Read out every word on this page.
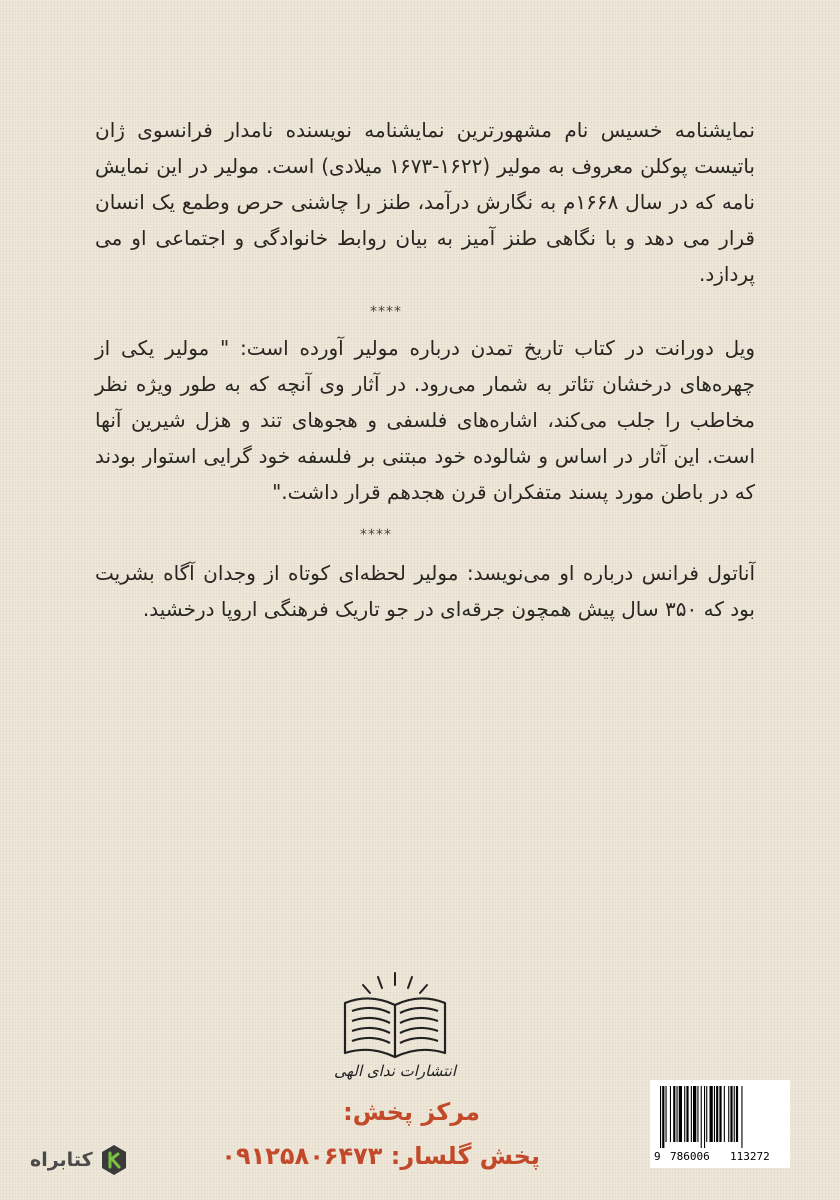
نمایشنامه خسیس نام مشهورترین نمایشنامه نویسنده نامدار فرانسوی ژان باتیست پوکلن معروف به مولیر (۱۶۲۲-۱۶۷۳ میلادی) است. مولیر در این نمایش نامه که در سال ۱۶۶۸م به نگارش درآمد، طنز را چاشنی حرص وطمع یک انسان قرار می دهد و با نگاهی طنز آمیز به بیان روابط خانوادگی و اجتماعی او می پردازد.

****

ویل دورانت در کتاب تاریخ تمدن درباره مولیر آورده است: " مولیر یکی از چهره‌های درخشان تئاتر به شمار می‌رود. در آثار وی آنچه که به طور ویژه نظر مخاطب را جلب می‌کند، اشاره‌های فلسفی و هجوهای تند و هزل شیرین آنها است. این آثار در اساس و شالوده خود مبتنی بر فلسفه خود گرایی استوار بودند که در باطن مورد پسند متفکران قرن هجدهم قرار داشت."

****

آناتول فرانس درباره او می‌نویسد: مولیر لحظه‌ای کوتاه از وجدان آگاه بشریت بود که ۳۵۰ سال پیش همچون جرقه‌ای در جو تاریک فرهنگی اروپا درخشید.

انتشارات ندای الهی
مرکز پخش:
پخش گلسار: ۰۹۱۲۵۸۰۶۴۷۳
کتابراه	9 786006 113272
